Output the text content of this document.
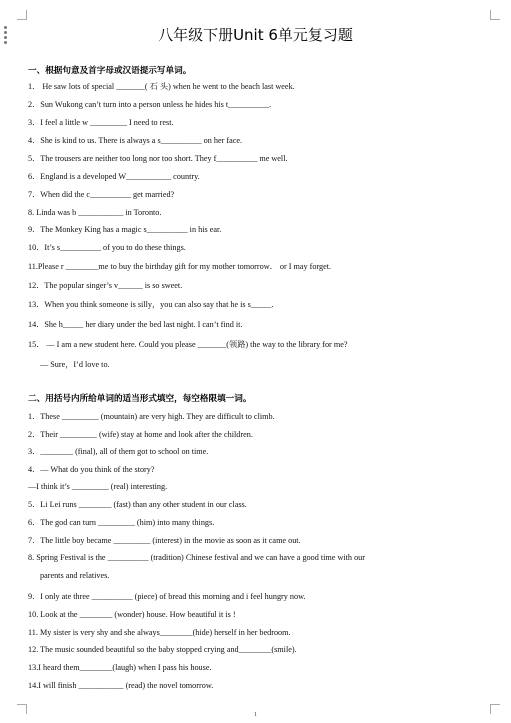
八年级下册Unit 6单元复习题
一、根据句意及首字母或汉语提示写单词。
1． He saw lots of special _______( 石 头) when he went to the beach last week.
2．Sun Wukong can’t turn into a person unless he hides his t__________.
3．I feel a little w _________ I need to rest.
4．She is kind to us. There is always a s__________ on her face.
5．The trousers are neither too long nor too short. They f__________ me well.
6．England is a developed W___________ country.
7．When did the c__________ get married?
8. Linda was b ___________ in Toronto.
9．The Monkey King has a magic s__________ in his ear.
10．It’s s__________ of you to do these things.
11.Please r ________me to buy the birthday gift for my mother tomorrow． or I may forget.
12．The popular singer’s v______ is so sweet.
13．When you think someone is silly，you can also say that he is s_____.
14．She h_____ her diary under the bed last night. I can’t find it.
15． — I am a new student here. Could you please _______(领路) the way to the library for me?
— Sure，I’d love to.
二、用括号内所给单词的适当形式填空，每空格限填一词。
1．These _________ (mountain) are very high. They are difficult to climb.
2．Their _________ (wife) stay at home and look after the children.
3．________ (final), all of them got to school on time.
4．— What do you think of the story?
—I think it’s _________ (real) interesting.
5．Li Lei runs ________ (fast) than any other student in our class.
6．The god can turn _________ (him) into many things.
7．The little boy became _________ (interest) in the movie as soon as it came out.
8. Spring Festival is the __________ (tradition) Chinese festival and we can have a good time with our
parents and relatives.
9．I only ate three __________ (piece) of bread this morning and i feel hungry now.
10. Look at the ________ (wonder) house. How beautiful it is !
11. My sister is very shy and she always________(hide) herself in her bedroom.
12. The music sounded beautiful so the baby stopped crying and________(smile).
13.I heard them________(laugh) when I pass his house.
14.I will finish ___________ (read) the novel tomorrow.
1
